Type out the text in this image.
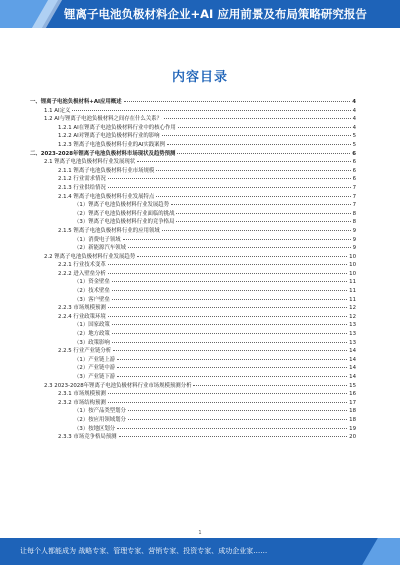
锂离子电池负极材料企业+AI 应用前景及布局策略研究报告
内容目录
一、锂离子电池负极材料+AI应用概述	4
1.1 AI定义	4
1.2 AI与锂离子电池负极材料之间存在什么关系？	4
1.2.1 AI在锂离子电池负极材料行业中的核心作用	4
1.2.2 AI对锂离子电池负极材料行业的影响	5
1.2.3 锂离子电池负极材料行业的AI实践案例	5
二、2023-2028年锂离子电池负极材料市场现状及趋势预测	6
2.1 锂离子电池负极材料行业发展现状	6
2.1.1 锂离子电池负极材料行业市场规模	6
2.1.2 行业需求情况	6
2.1.3 行业供给情况	7
2.1.4 锂离子电池负极材料行业发展特点	7
（1）锂离子电池负极材料行业发展趋势	7
（2）锂离子电池负极材料行业面临的挑战	8
（3）锂离子电池负极材料行业的竞争格局	8
2.1.5 锂离子电池负极材料行业的应用领域	9
（1）消费电子领域	9
（2）新能源汽车领域	9
2.2 锂离子电池负极材料行业发展趋势	10
2.2.1 行业技术变革	10
2.2.2 进入壁垒分析	10
（1）资金壁垒	11
（2）技术壁垒	11
（3）客户壁垒	11
2.2.3 市场规模预测	12
2.2.4 行业政策环境	12
（1）国家政策	13
（2）地方政策	13
（3）政策影响	13
2.2.5 行业产业链分析	14
（1）产业链上游	14
（2）产业链中游	14
（3）产业链下游	14
2.3 2023-2028年锂离子电池负极材料行业市场规模预测分析	15
2.3.1 市场规模预测	16
2.3.2 市场结构预测	17
（1）按产品类型划分	18
（2）按应用领域划分	18
（3）按地区划分	19
2.3.3 市场竞争格局预测	20
1
让每个人都能成为 战略专家、管理专家、营销专家、投资专家、成功企业家……
